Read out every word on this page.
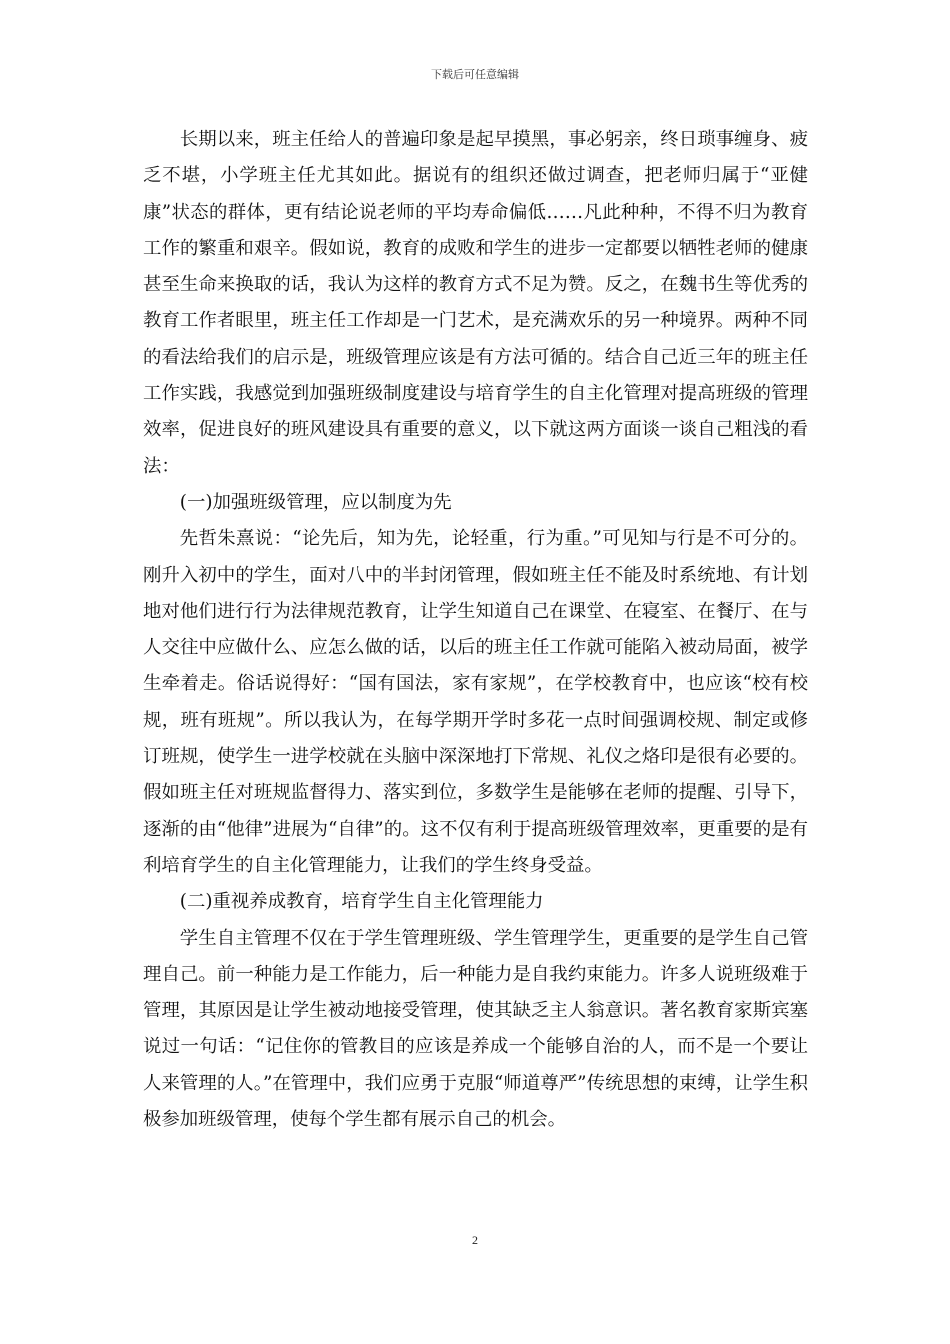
下载后可任意编辑

长期以来，班主任给人的普遍印象是起早摸黑，事必躬亲，终日琐事缠身、疲乏不堪，小学班主任尤其如此。据说有的组织还做过调查，把老师归属于“亚健康”状态的群体，更有结论说老师的平均寿命偏低……凡此种种，不得不归为教育工作的繁重和艰辛。假如说，教育的成败和学生的进步一定都要以牺牲老师的健康甚至生命来换取的话，我认为这样的教育方式不足为赞。反之，在魏书生等优秀的教育工作者眼里，班主任工作却是一门艺术，是充满欢乐的另一种境界。两种不同的看法给我们的启示是，班级管理应该是有方法可循的。结合自己近三年的班主任工作实践，我感觉到加强班级制度建设与培育学生的自主化管理对提高班级的管理效率，促进良好的班风建设具有重要的意义，以下就这两方面谈一谈自己粗浅的看法：

(一)加强班级管理，应以制度为先

先哲朱熹说：“论先后，知为先，论轻重，行为重。”可见知与行是不可分的。刚升入初中的学生，面对八中的半封闭管理，假如班主任不能及时系统地、有计划地对他们进行行为法律规范教育，让学生知道自己在课堂、在寝室、在餐厅、在与人交往中应做什么、应怎么做的话，以后的班主任工作就可能陷入被动局面，被学生牵着走。俗话说得好：“国有国法，家有家规”，在学校教育中，也应该“校有校规，班有班规”。所以我认为，在每学期开学时多花一点时间强调校规、制定或修订班规，使学生一进学校就在头脑中深深地打下常规、礼仪之烙印是很有必要的。假如班主任对班规监督得力、落实到位，多数学生是能够在老师的提醒、引导下，逐渐的由“他律”进展为“自律”的。这不仅有利于提高班级管理效率，更重要的是有利培育学生的自主化管理能力，让我们的学生终身受益。

(二)重视养成教育，培育学生自主化管理能力

学生自主管理不仅在于学生管理班级、学生管理学生，更重要的是学生自己管理自己。前一种能力是工作能力，后一种能力是自我约束能力。许多人说班级难于管理，其原因是让学生被动地接受管理，使其缺乏主人翁意识。著名教育家斯宾塞说过一句话：“记住你的管教目的应该是养成一个能够自治的人，而不是一个要让人来管理的人。”在管理中，我们应勇于克服“师道尊严”传统思想的束缚，让学生积极参加班级管理，使每个学生都有展示自己的机会。

2
